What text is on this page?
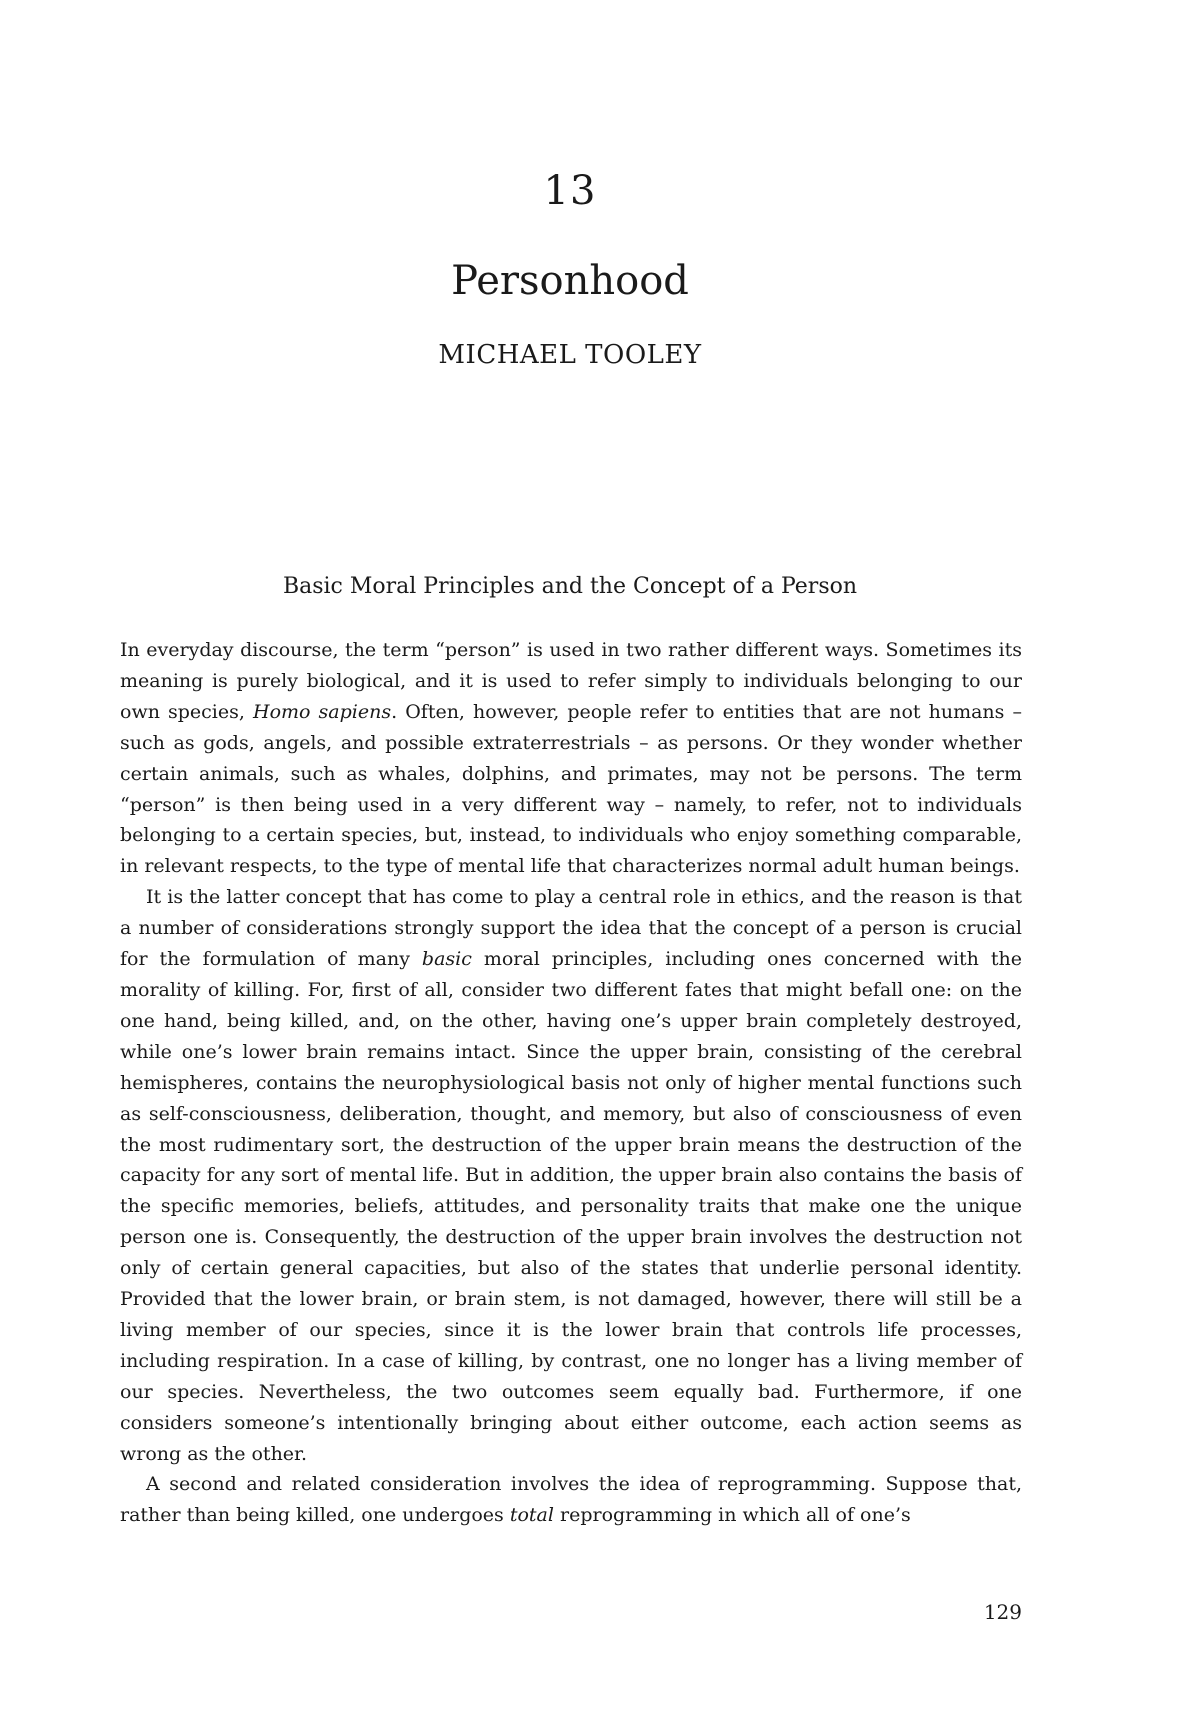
13
Personhood
MICHAEL TOOLEY
Basic Moral Principles and the Concept of a Person

In everyday discourse, the term “person” is used in two rather different ways. Sometimes its meaning is purely biological, and it is used to refer simply to individuals belonging to our own species, Homo sapiens. Often, however, people refer to entities that are not humans – such as gods, angels, and possible extraterrestrials – as persons. Or they wonder whether certain animals, such as whales, dolphins, and primates, may not be persons. The term “person” is then being used in a very different way – namely, to refer, not to individuals belonging to a certain species, but, instead, to individuals who enjoy something comparable, in relevant respects, to the type of mental life that characterizes normal adult human beings.

It is the latter concept that has come to play a central role in ethics, and the reason is that a number of considerations strongly support the idea that the concept of a person is crucial for the formulation of many basic moral principles, including ones concerned with the morality of killing. For, first of all, consider two different fates that might befall one: on the one hand, being killed, and, on the other, having one’s upper brain completely destroyed, while one’s lower brain remains intact. Since the upper brain, consisting of the cerebral hemispheres, contains the neurophysiological basis not only of higher mental functions such as self-consciousness, deliberation, thought, and memory, but also of consciousness of even the most rudimentary sort, the destruction of the upper brain means the destruction of the capacity for any sort of mental life. But in addition, the upper brain also contains the basis of the specific memories, beliefs, attitudes, and personality traits that make one the unique person one is. Consequently, the destruction of the upper brain involves the destruction not only of certain general capacities, but also of the states that underlie personal identity. Provided that the lower brain, or brain stem, is not damaged, however, there will still be a living member of our species, since it is the lower brain that controls life processes, including respiration. In a case of killing, by contrast, one no longer has a living member of our species. Nevertheless, the two outcomes seem equally bad. Furthermore, if one considers someone’s intentionally bringing about either outcome, each action seems as wrong as the other.

A second and related consideration involves the idea of reprogramming. Suppose that, rather than being killed, one undergoes total reprogramming in which all of one’s

129
